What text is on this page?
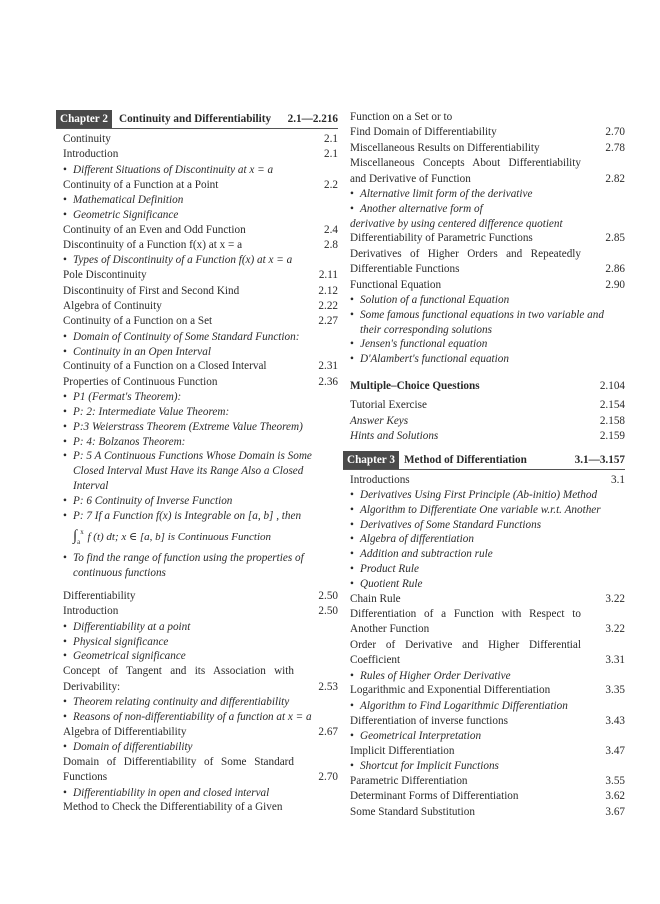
Chapter 2 Continuity and Differentiability 2.1—2.216
Continuity	2.1
Introduction	2.1
• Different Situations of Discontinuity at x = a
Continuity of a Function at a Point	2.2
• Mathematical Definition
• Geometric Significance
Continuity of an Even and Odd Function	2.4
Discontinuity of a Function f(x) at x = a	2.8
• Types of Discontinuity of a Function f(x) at x = a
Pole Discontinuity	2.11
Discontinuity of First and Second Kind	2.12
Algebra of Continuity	2.22
Continuity of a Function on a Set	2.27
• Domain of Continuity of Some Standard Function:
• Continuity in an Open Interval
Continuity of a Function on a Closed Interval	2.31
Properties of Continuous Function	2.36
• P1 (Fermat's Theorem):
• P: 2: Intermediate Value Theorem:
• P:3 Weierstrass Theorem (Extreme Value Theorem)
• P: 4: Bolzanos Theorem:
• P: 5 A Continuous Functions Whose Domain is Some Closed Interval Must Have its Range Also a Closed Interval
• P: 6 Continuity of Inverse Function
• P: 7 If a Function f(x) is Integrable on [a, b] , then
$\int_a^x$ f (t) dt; x ∈ [a, b] is Continuous Function
• To find the range of function using the properties of continuous functions
Differentiability	2.50
Introduction	2.50
• Differentiability at a point
• Physical significance
• Geometrical significance
Concept of Tangent and its Association with Derivability:	2.53
• Theorem relating continuity and differentiability
• Reasons of non-differentiability of a function at x = a
Algebra of Differentiability	2.67
• Domain of differentiability
Domain of Differentiability of Some Standard Functions	2.70
• Differentiability in open and closed interval
Method to Check the Differentiability of a Given
Function on a Set or to
Find Domain of Differentiability	2.70
Miscellaneous Results on Differentiability	2.78
Miscellaneous Concepts About Differentiability and Derivative of Function	2.82
• Alternative limit form of the derivative
• Another alternative form of
derivative by using centered difference quotient
Differentiability of Parametric Functions	2.85
Derivatives of Higher Orders and Repeatedly Differentiable Functions	2.86
Functional Equation	2.90
• Solution of a functional Equation
• Some famous functional equations in two variable and their corresponding solutions
• Jensen's functional equation
• D'Alambert's functional equation
Multiple–Choice Questions	2.104
Tutorial Exercise	2.154
Answer Keys	2.158
Hints and Solutions	2.159
Chapter 3 Method of Differentiation	3.1—3.157
Introductions	3.1
• Derivatives Using First Principle (Ab-initio) Method
• Algorithm to Differentiate One variable w.r.t. Another
• Derivatives of Some Standard Functions
• Algebra of differentiation
• Addition and subtraction rule
• Product Rule
• Quotient Rule
Chain Rule	3.22
Differentiation of a Function with Respect to Another Function	3.22
Order of Derivative and Higher Differential Coefficient	3.31
• Rules of Higher Order Derivative
Logarithmic and Exponential Differentiation	3.35
• Algorithm to Find Logarithmic Differentiation
Differentiation of inverse functions	3.43
• Geometrical Interpretation
Implicit Differentiation	3.47
• Shortcut for Implicit Functions
Parametric Differentiation	3.55
Determinant Forms of Differentiation	3.62
Some Standard Substitution	3.67
